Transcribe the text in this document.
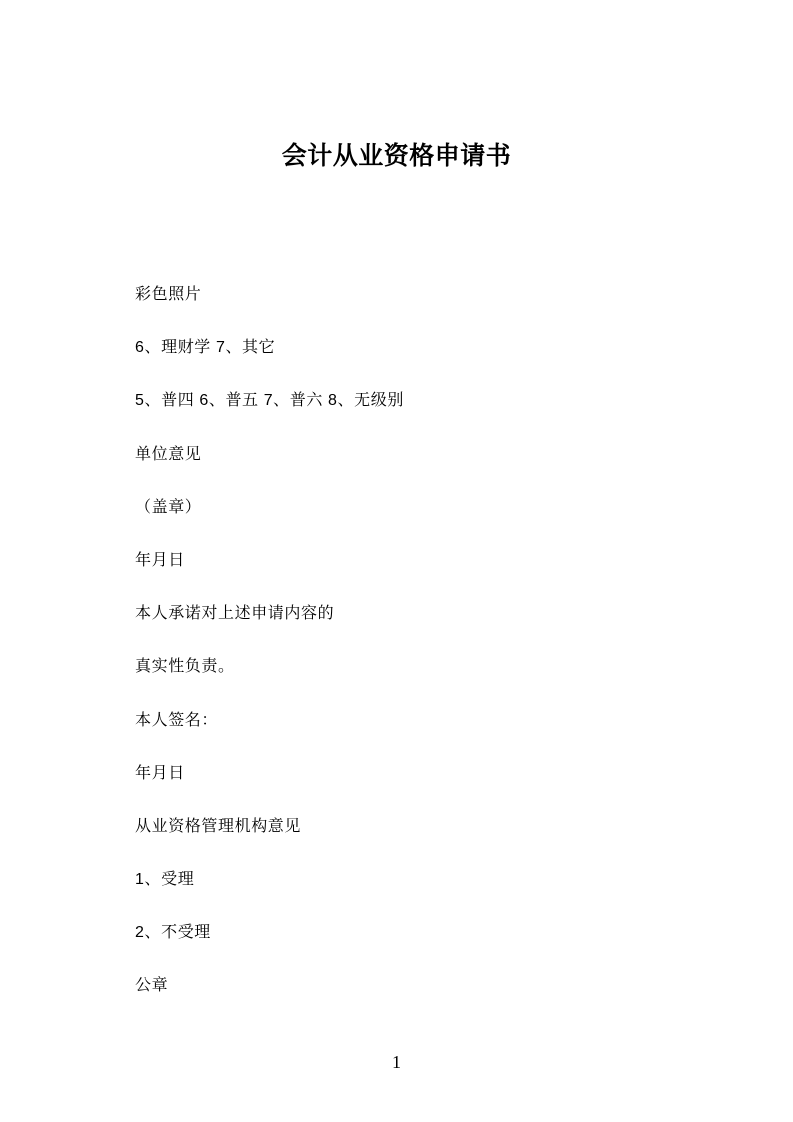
会计从业资格申请书

彩色照片

6、理财学 7、其它

5、普四 6、普五 7、普六 8、无级别

单位意见

（盖章）

年月日

本人承诺对上述申请内容的

真实性负责。

本人签名：

年月日

从业资格管理机构意见

1、受理

2、不受理

公章

1
